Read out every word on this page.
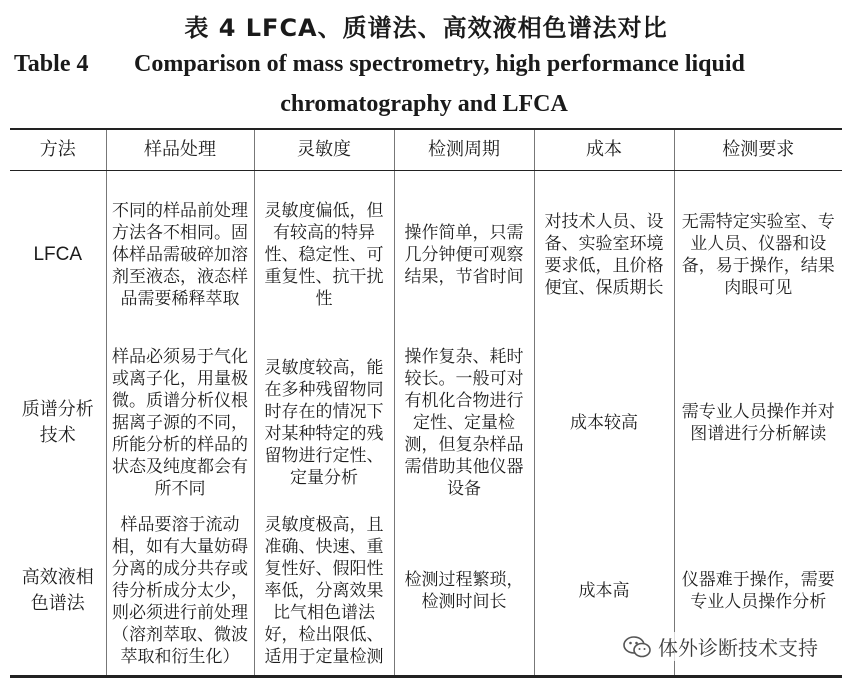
表 4 LFCA、质谱法、高效液相色谱法对比
Table 4 Comparison of mass spectrometry, high performance liquid
chromatography and LFCA
方法	样品处理	灵敏度	检测周期	成本	检测要求
LFCA	不同的样品前处理方法各不相同。固体样品需破碎加溶剂至液态，液态样品需要稀释萃取	灵敏度偏低，但有较高的特异性、稳定性、可重复性、抗干扰性	操作简单，只需几分钟便可观察结果，节省时间	对技术人员、设备、实验室环境要求低，且价格便宜、保质期长	无需特定实验室、专业人员、仪器和设备，易于操作，结果肉眼可见
质谱分析技术	样品必须易于气化或离子化，用量极微。质谱分析仪根据离子源的不同，所能分析的样品的状态及纯度都会有所不同	灵敏度较高，能在多种残留物同时存在的情况下对某种特定的残留物进行定性、定量分析	操作复杂、耗时较长。一般可对有机化合物进行定性、定量检测，但复杂样品需借助其他仪器设备	成本较高	需专业人员操作并对图谱进行分析解读
高效液相色谱法	样品要溶于流动相，如有大量妨碍分离的成分共存或待分析成分太少，则必须进行前处理（溶剂萃取、微波萃取和衍生化）	灵敏度极高，且准确、快速、重复性好、假阳性率低，分离效果比气相色谱法好，检出限低、适用于定量检测	检测过程繁琐，检测时间长	成本高	仪器难于操作，需要专业人员操作分析
体外诊断技术支持
